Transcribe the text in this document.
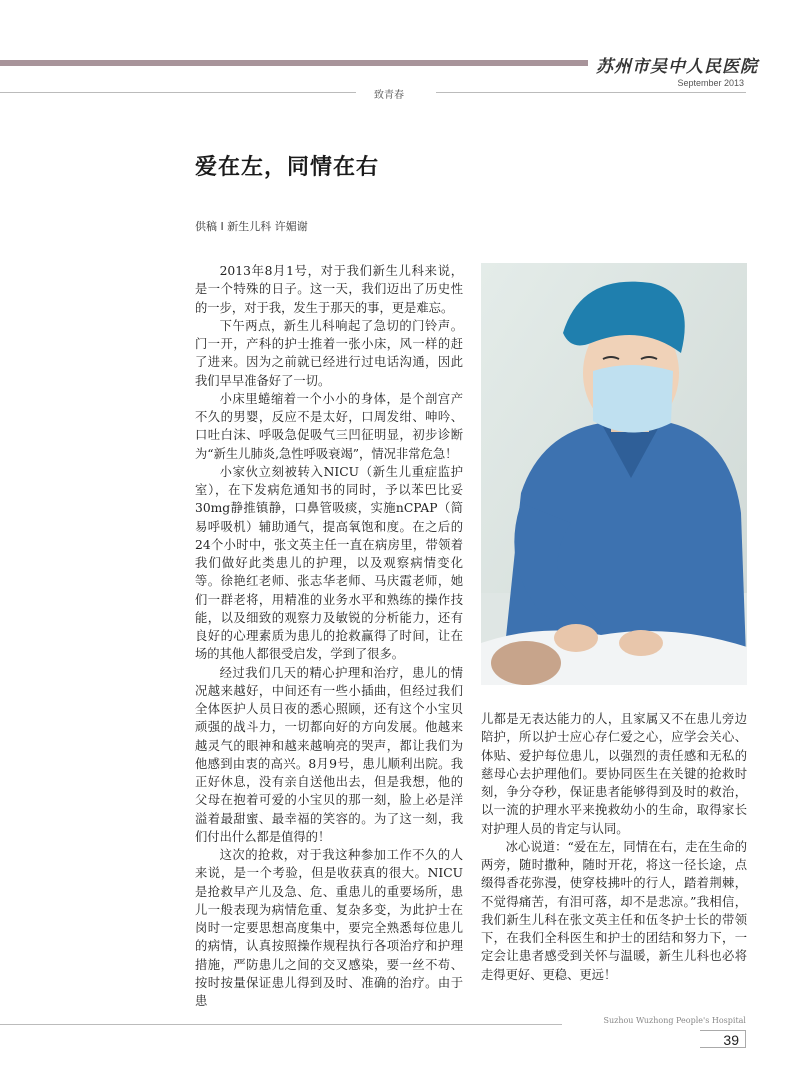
苏州市吴中人民医院
September 2013
致青春
爱在左，同情在右
供稿 I 新生儿科 许媚谢

2013年8月1号，对于我们新生儿科来说，是一个特殊的日子。这一天，我们迈出了历史性的一步，对于我，发生于那天的事，更是难忘。

下午两点，新生儿科响起了急切的门铃声。门一开，产科的护士推着一张小床，风一样的赶了进来。因为之前就已经进行过电话沟通，因此我们早早准备好了一切。

小床里蜷缩着一个小小的身体，是个剖宫产不久的男婴，反应不是太好，口周发绀、呻吟、口吐白沫、呼吸急促吸气三凹征明显，初步诊断为“新生儿肺炎,急性呼吸衰竭”，情况非常危急！

小家伙立刻被转入NICU（新生儿重症监护室），在下发病危通知书的同时，予以苯巴比妥30mg静推镇静，口鼻管吸痰，实施nCPAP（简易呼吸机）辅助通气，提高氧饱和度。在之后的24个小时中，张文英主任一直在病房里，带领着我们做好此类患儿的护理，以及观察病情变化等。徐艳红老师、张志华老师、马庆霞老师，她们一群老将，用精准的业务水平和熟练的操作技能，以及细致的观察力及敏锐的分析能力，还有良好的心理素质为患儿的抢救赢得了时间，让在场的其他人都很受启发，学到了很多。

经过我们几天的精心护理和治疗，患儿的情况越来越好，中间还有一些小插曲，但经过我们全体医护人员日夜的悉心照顾，还有这个小宝贝顽强的战斗力，一切都向好的方向发展。他越来越灵气的眼神和越来越响亮的哭声，都让我们为他感到由衷的高兴。8月9号，患儿顺利出院。我正好休息，没有亲自送他出去，但是我想，他的父母在抱着可爱的小宝贝的那一刻，脸上必是洋溢着最甜蜜、最幸福的笑容的。为了这一刻，我们付出什么都是值得的！

这次的抢救，对于我这种参加工作不久的人来说，是一个考验，但是收获真的很大。NICU是抢救早产儿及急、危、重患儿的重要场所，患儿一般表现为病情危重、复杂多变，为此护士在岗时一定要思想高度集中，要完全熟悉每位患儿的病情，认真按照操作规程执行各项治疗和护理措施，严防患儿之间的交叉感染，要一丝不苟、按时按量保证患儿得到及时、准确的治疗。由于患

儿都是无表达能力的人，且家属又不在患儿旁边陪护，所以护士应心存仁爱之心，应学会关心、体贴、爱护每位患儿，以强烈的责任感和无私的慈母心去护理他们。要协同医生在关键的抢救时刻，争分夺秒，保证患者能够得到及时的救治，以一流的护理水平来挽救幼小的生命，取得家长对护理人员的肯定与认同。

冰心说道：“爱在左，同情在右，走在生命的两旁，随时撒种，随时开花，将这一径长途，点缀得香花弥漫，使穿枝拂叶的行人，踏着荆棘，不觉得痛苦，有泪可落，却不是悲凉。”我相信，我们新生儿科在张文英主任和伍冬护士长的带领下，在我们全科医生和护士的团结和努力下，一定会让患者感受到关怀与温暖，新生儿科也必将走得更好、更稳、更远！

Suzhou Wuzhong People's Hospital
39
